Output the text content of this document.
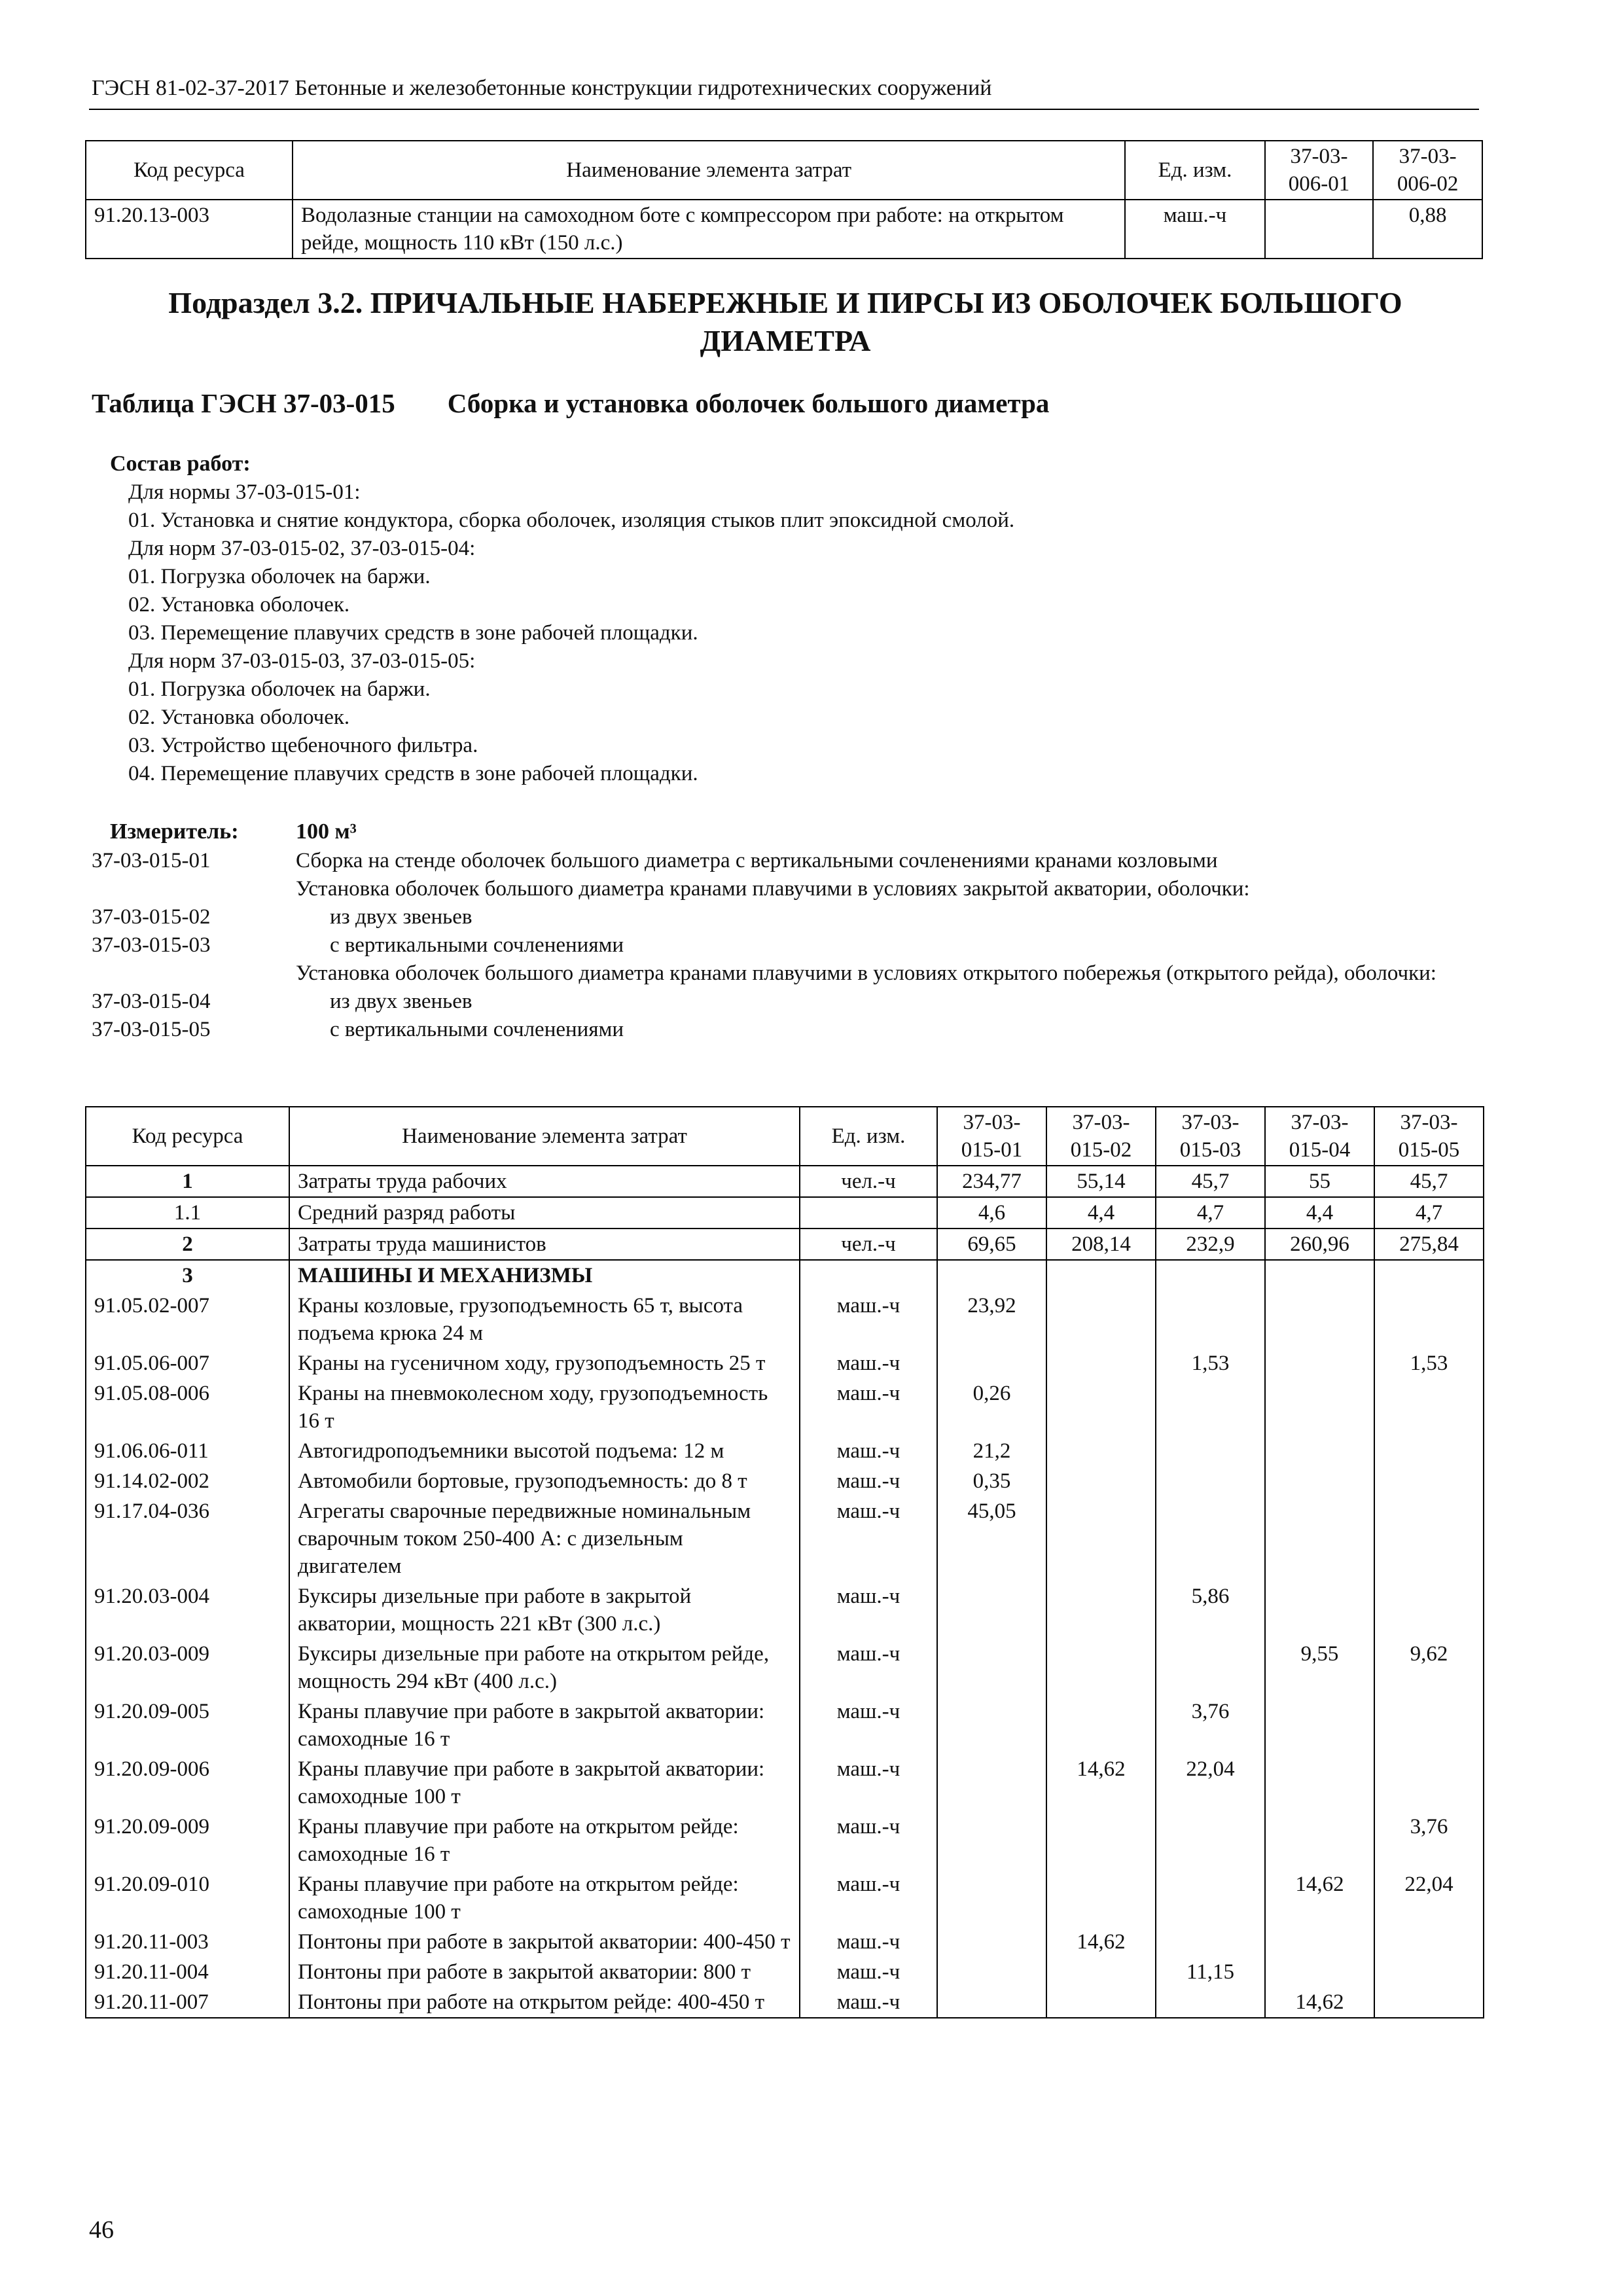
ГЭСН 81-02-37-2017 Бетонные и железобетонные конструкции гидротехнических сооружений
Код ресурса	Наименование элемента затрат	Ед. изм.	37-03-
006-01	37-03-
006-02
91.20.13-003	Водолазные станции на самоходном боте с компрессором при работе: на открытом рейде, мощность 110 кВт (150 л.с.)	маш.-ч		0,88
Подраздел 3.2. ПРИЧАЛЬНЫЕ НАБЕРЕЖНЫЕ И ПИРСЫ ИЗ ОБОЛОЧЕК БОЛЬШОГО ДИАМЕТРА
Таблица ГЭСН 37-03-015 Сборка и установка оболочек большого диаметра
Состав работ:
Для нормы 37-03-015-01:
01. Установка и снятие кондуктора, сборка оболочек, изоляция стыков плит эпоксидной смолой.
Для норм 37-03-015-02, 37-03-015-04:
01. Погрузка оболочек на баржи.
02. Установка оболочек.
03. Перемещение плавучих средств в зоне рабочей площадки.
Для норм 37-03-015-03, 37-03-015-05:
01. Погрузка оболочек на баржи.
02. Установка оболочек.
03. Устройство щебеночного фильтра.
04. Перемещение плавучих средств в зоне рабочей площадки.
Измеритель:	100 м³
37-03-015-01	Сборка на стенде оболочек большого диаметра с вертикальными сочленениями кранами козловыми
Установка оболочек большого диаметра кранами плавучими в условиях закрытой акватории, оболочки:
37-03-015-02	из двух звеньев
37-03-015-03	с вертикальными сочленениями
Установка оболочек большого диаметра кранами плавучими в условиях открытого побережья (открытого рейда), оболочки:
37-03-015-04	из двух звеньев
37-03-015-05	с вертикальными сочленениями
Код ресурса	Наименование элемента затрат	Ед. изм.	37-03-
015-01	37-03-
015-02	37-03-
015-03	37-03-
015-04	37-03-
015-05
1	Затраты труда рабочих	чел.-ч	234,77	55,14	45,7	55	45,7
1.1	Средний разряд работы		4,6	4,4	4,7	4,4	4,7
2	Затраты труда машинистов	чел.-ч	69,65	208,14	232,9	260,96	275,84
3	МАШИНЫ И МЕХАНИЗМЫ						
91.05.02-007	Краны козловые, грузоподъемность 65 т, высота подъема крюка 24 м	маш.-ч	23,92				
91.05.06-007	Краны на гусеничном ходу, грузоподъемность 25 т	маш.-ч			1,53		1,53
91.05.08-006	Краны на пневмоколесном ходу, грузоподъемность 16 т	маш.-ч	0,26				
91.06.06-011	Автогидроподъемники высотой подъема: 12 м	маш.-ч	21,2				
91.14.02-002	Автомобили бортовые, грузоподъемность: до 8 т	маш.-ч	0,35				
91.17.04-036	Агрегаты сварочные передвижные номинальным сварочным током 250-400 А: с дизельным двигателем	маш.-ч	45,05				
91.20.03-004	Буксиры дизельные при работе в закрытой акватории, мощность 221 кВт (300 л.с.)	маш.-ч			5,86		
91.20.03-009	Буксиры дизельные при работе на открытом рейде, мощность 294 кВт (400 л.с.)	маш.-ч				9,55	9,62
91.20.09-005	Краны плавучие при работе в закрытой акватории: самоходные 16 т	маш.-ч			3,76		
91.20.09-006	Краны плавучие при работе в закрытой акватории: самоходные 100 т	маш.-ч		14,62	22,04		
91.20.09-009	Краны плавучие при работе на открытом рейде: самоходные 16 т	маш.-ч					3,76
91.20.09-010	Краны плавучие при работе на открытом рейде: самоходные 100 т	маш.-ч				14,62	22,04
91.20.11-003	Понтоны при работе в закрытой акватории: 400-450 т	маш.-ч		14,62			
91.20.11-004	Понтоны при работе в закрытой акватории: 800 т	маш.-ч			11,15		
91.20.11-007	Понтоны при работе на открытом рейде: 400-450 т	маш.-ч				14,62	
46
